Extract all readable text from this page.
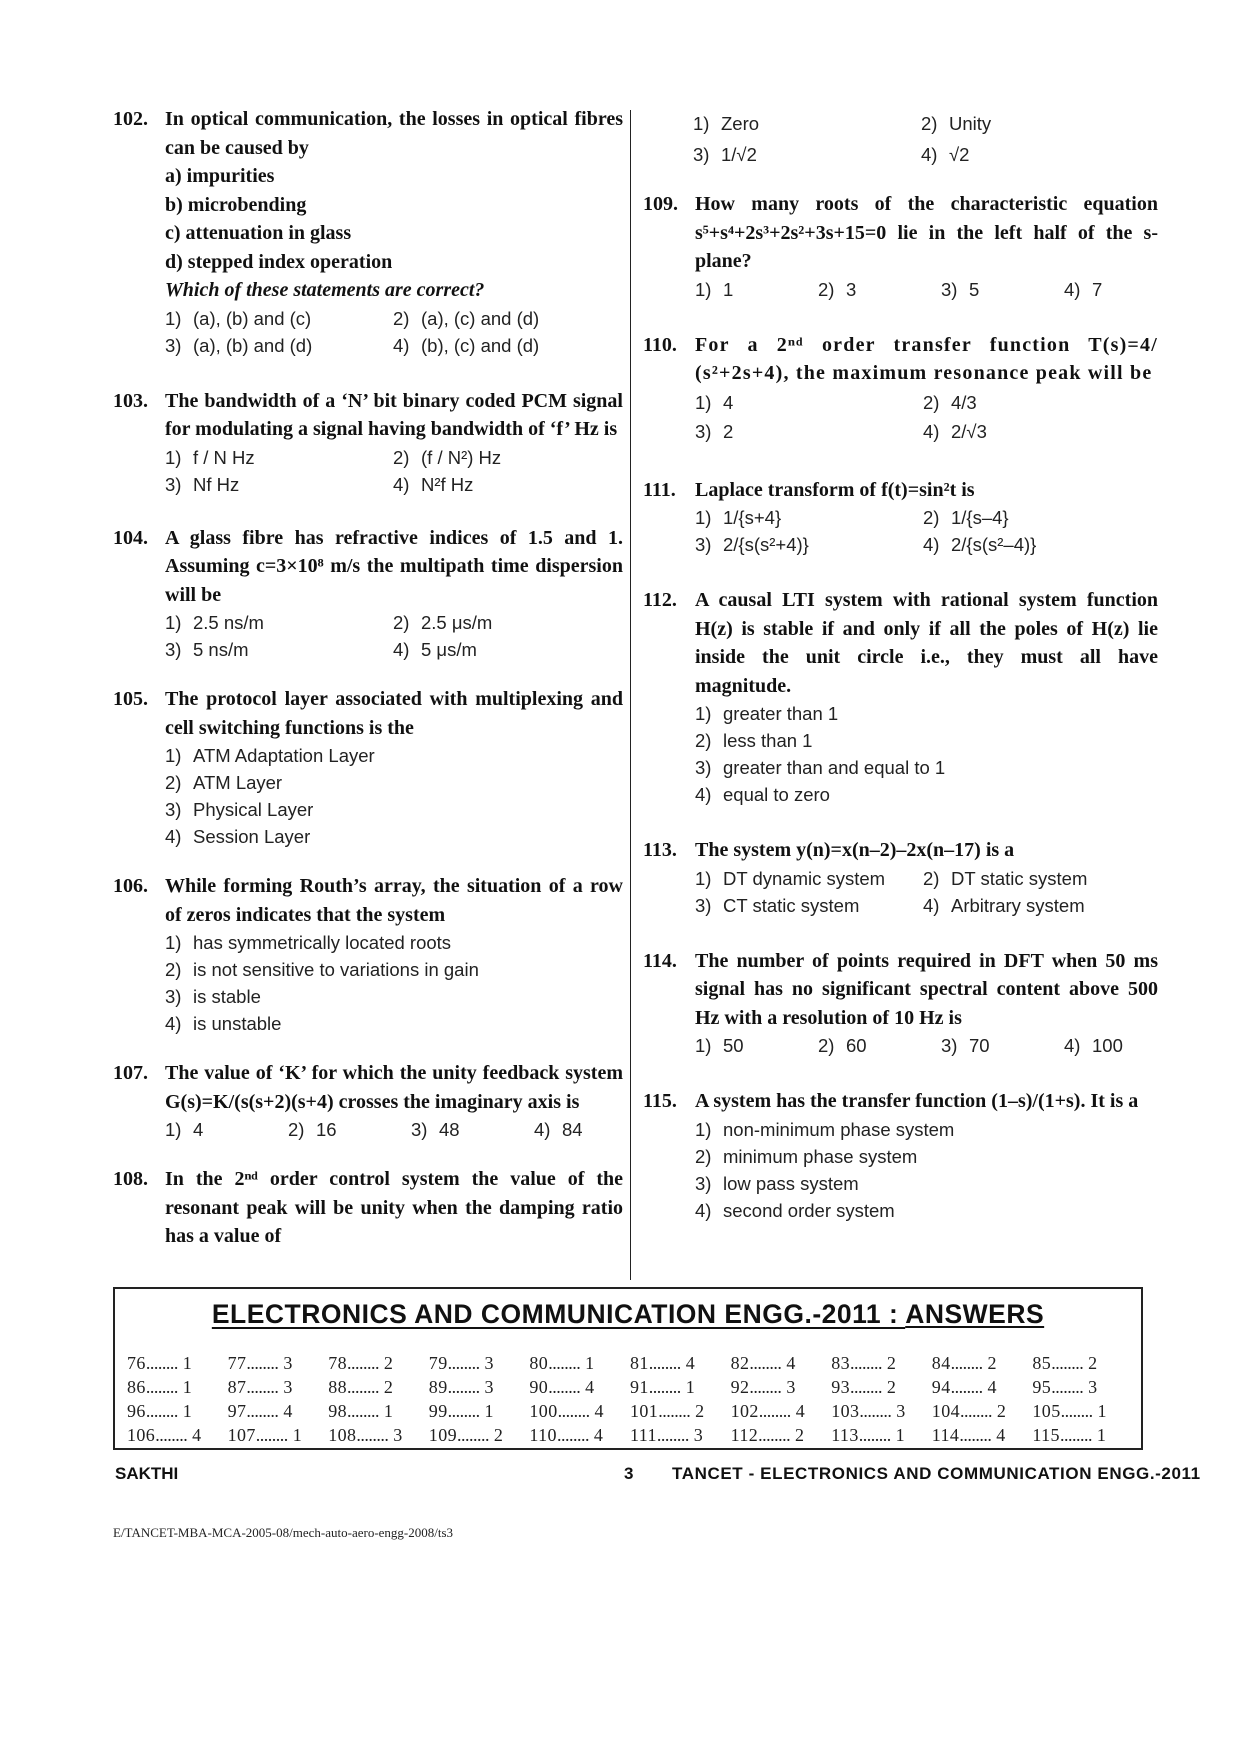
102. In optical communication, the losses in optical fibres can be caused by
a) impurities
b) microbending
c) attenuation in glass
d) stepped index operation
Which of these statements are correct?
1) (a), (b) and (c)	2) (a), (c) and (d)
3) (a), (b) and (d)	4) (b), (c) and (d)
103. The bandwidth of a ‘N’ bit binary coded PCM signal for modulating a signal having bandwidth of ‘f’ Hz is
1) f / N Hz	2) (f / N²) Hz
3) Nf Hz	4) N²f Hz
104. A glass fibre has refractive indices of 1.5 and 1. Assuming c=3×10⁸ m/s the multipath time dispersion will be
1) 2.5 ns/m	2) 2.5 μs/m
3) 5 ns/m	4) 5 μs/m
105. The protocol layer associated with multiplexing and cell switching functions is the
1) ATM Adaptation Layer
2) ATM Layer
3) Physical Layer
4) Session Layer
106. While forming Routh’s array, the situation of a row of zeros indicates that the system
1) has symmetrically located roots
2) is not sensitive to variations in gain
3) is stable
4) is unstable
107. The value of ‘K’ for which the unity feedback system G(s)=K/(s(s+2)(s+4) crosses the imaginary axis is
1) 4	2) 16	3) 48	4) 84
108. In the 2ⁿᵈ order control system the value of the resonant peak will be unity when the damping ratio has a value of
1) Zero	2) Unity
3) 1/√2	4) √2
109. How many roots of the characteristic equation s⁵+s⁴+2s³+2s²+3s+15=0 lie in the left half of the s-plane?
1) 1	2) 3	3) 5	4) 7
110. For a 2ⁿᵈ order transfer function T(s)=4/ (s²+2s+4), the maximum resonance peak will be
1) 4	2) 4/3
3) 2	4) 2/√3
111. Laplace transform of f(t)=sin²t is
1) 1/{s+4}	2) 1/{s–4}
3) 2/{s(s²+4)}	4) 2/{s(s²–4)}
112. A causal LTI system with rational system function H(z) is stable if and only if all the poles of H(z) lie inside the unit circle i.e., they must all have magnitude.
1) greater than 1
2) less than 1
3) greater than and equal to 1
4) equal to zero
113. The system y(n)=x(n–2)–2x(n–17) is a
1) DT dynamic system	2) DT static system
3) CT static system	4) Arbitrary system
114. The number of points required in DFT when 50 ms signal has no significant spectral content above 500 Hz with a resolution of 10 Hz is
1) 50	2) 60	3) 70	4) 100
115. A system has the transfer function (1–s)/(1+s). It is a
1) non-minimum phase system
2) minimum phase system
3) low pass system
4) second order system
ELECTRONICS AND COMMUNICATION ENGG.-2011 : ANSWERS
76........ 1	77........ 3	78........ 2	79........ 3	80........ 1	81........ 4	82........ 4	83........ 2	84........ 2	85........ 2
86........ 1	87........ 3	88........ 2	89........ 3	90........ 4	91........ 1	92........ 3	93........ 2	94........ 4	95........ 3
96........ 1	97........ 4	98........ 1	99........ 1	100........ 4	101........ 2	102........ 4	103........ 3	104........ 2	105........ 1
106........ 4	107........ 1	108........ 3	109........ 2	110........ 4	111........ 3	112........ 2	113........ 1	114........ 4	115........ 1
SAKTHI	3 TANCET - ELECTRONICS AND COMMUNICATION ENGG.-2011
E/TANCET-MBA-MCA-2005-08/mech-auto-aero-engg-2008/ts3
